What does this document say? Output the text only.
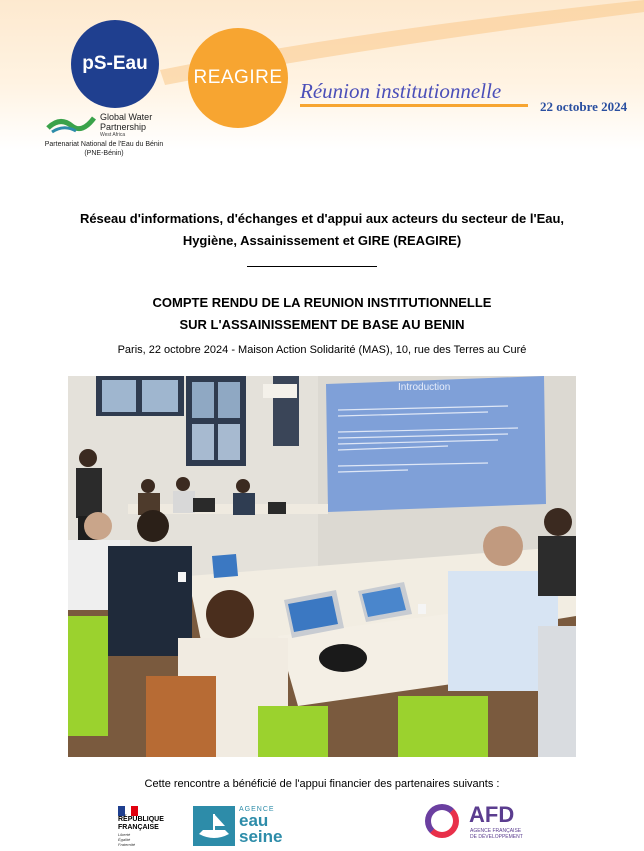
pS-Eau
REAGIRE
Réunion institutionnelle
22 octobre 2024
Global Water
Partnership
West Africa
Partenariat National de l'Eau du Bénin
(PNE-Bénin)
Réseau d'informations, d'échanges et d'appui aux acteurs du secteur de l'Eau,
Hygiène, Assainissement et GIRE (REAGIRE)
COMPTE RENDU DE LA REUNION INSTITUTIONNELLE
SUR L'ASSAINISSEMENT DE BASE AU BENIN
Paris, 22 octobre 2024 - Maison Action Solidarité (MAS), 10, rue des Terres au Curé
Introduction
Cette rencontre a bénéficié de l'appui financier des partenaires suivants :
RÉPUBLIQUE
FRANÇAISE
Liberté
Égalité
Fraternité
AGENCE
eau
seine
AFD
AGENCE FRANÇAISE
DE DÉVELOPPEMENT
